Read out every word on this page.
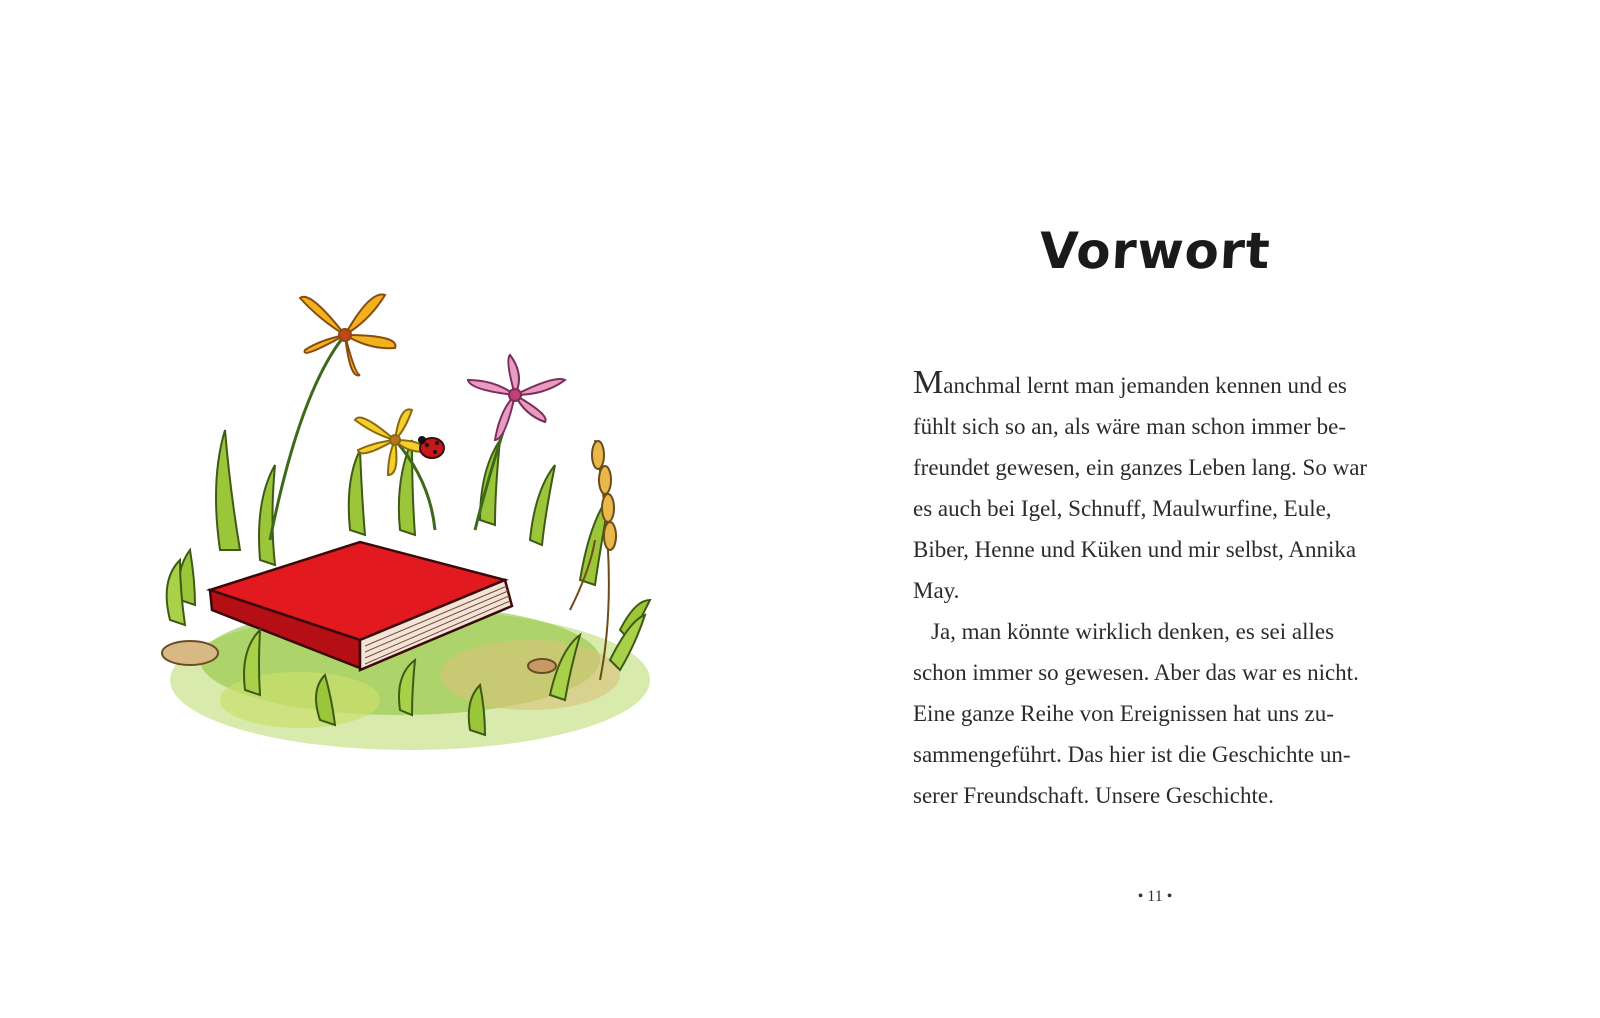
Vorwort
Manchmal lernt man jemanden kennen und es
fühlt sich so an, als wäre man schon immer be-
freundet gewesen, ein ganzes Leben lang. So war
es auch bei Igel, Schnuff, Maulwurfine, Eule,
Biber, Henne und Küken und mir selbst, Annika
May.
Ja, man könnte wirklich denken, es sei alles
schon immer so gewesen. Aber das war es nicht.
Eine ganze Reihe von Ereignissen hat uns zu-
sammengeführt. Das hier ist die Geschichte un-
serer Freundschaft. Unsere Geschichte.
• 11 •
